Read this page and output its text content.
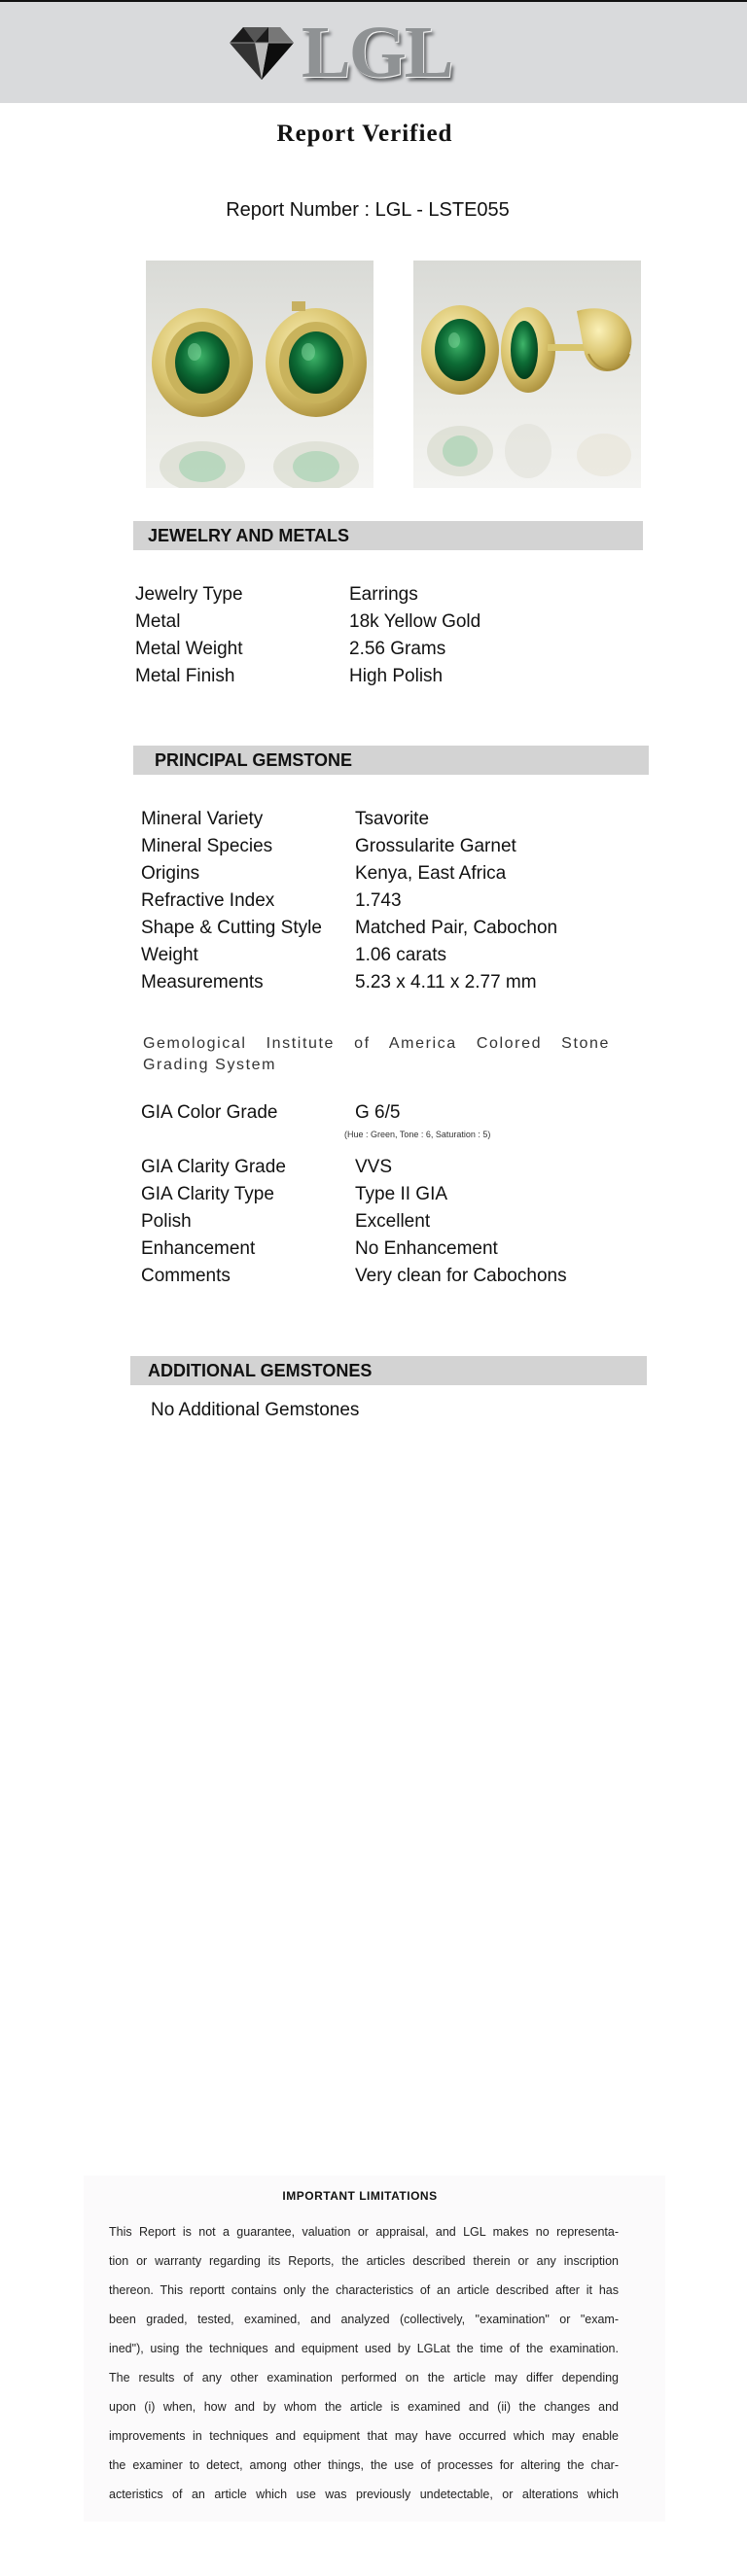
LGL
Report Verified
Report Number : LGL - LSTE055
JEWELRY AND METALS
Jewelry Type	Earrings
Metal	18k Yellow Gold
Metal Weight	2.56 Grams
Metal Finish	High Polish
PRINCIPAL GEMSTONE
Mineral Variety	Tsavorite
Mineral Species	Grossularite Garnet
Origins	Kenya, East Africa
Refractive Index	1.743
Shape & Cutting Style	Matched Pair, Cabochon
Weight	1.06 carats
Measurements	5.23 x 4.11 x 2.77 mm
Gemological Institute of America Colored Stone Grading System
GIA Color Grade	G 6/5
(Hue : Green, Tone : 6, Saturation : 5)
GIA Clarity Grade	VVS
GIA Clarity Type	Type II GIA
Polish	Excellent
Enhancement	No Enhancement
Comments	Very clean for Cabochons
ADDITIONAL GEMSTONES
No Additional Gemstones
IMPORTANT LIMITATIONS
This Report is not a guarantee, valuation or appraisal, and LGL makes no representa-
tion or warranty regarding its Reports, the articles described therein or any inscription
thereon. This reportt contains only the characteristics of an article described after it has
been graded, tested, examined, and analyzed (collectively, "examination" or "exam-
ined"), using the techniques and equipment used by LGLat the time of the examination.
The results of any other examination performed on the article may differ depending
upon (i) when, how and by whom the article is examined and (ii) the changes and
improvements in techniques and equipment that may have occurred which may enable
the examiner to detect, among other things, the use of processes for altering the char-
acteristics of an article which use was previously undetectable, or alterations which
